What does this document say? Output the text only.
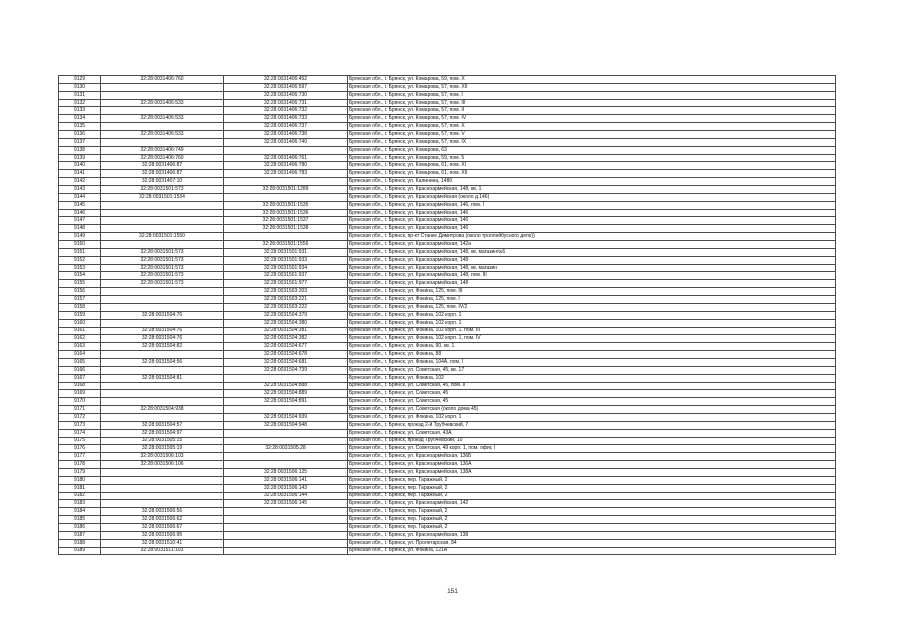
9129	32:28:0031406:760	32:28:0031406:452	Брянская обл., г. Брянск, ул. Комарова, 59, пом. X
9130		32:28:0031406:597	Брянская обл., г. Брянск, ул. Комарова, 57, пом. XII
9131		32:28:0031406:730	Брянская обл., г. Брянск, ул. Комарова, 57, пом. I
9132	32:28:0031406:533	32:28:0031406:731	Брянская обл., г. Брянск, ул. Комарова, 57, пом. III
9133		32:28:0031406:732	Брянская обл., г. Брянск, ул. Комарова, 57, пом. II
9134	32:28:0031406:533	32:28:0031406:733	Брянская обл., г. Брянск, ул. Комарова, 57, пом. IV
9135		32:28:0031406:737	Брянская обл., г. Брянск, ул. Комарова, 57, пом. X
9136	32:28:0031406:533	32:28:0031406:738	Брянская обл., г. Брянск, ул. Комарова, 57, пом. V
9137		32:28:0031406:740	Брянская обл., г. Брянск, ул. Комарова, 57, пом. IX
9138	32:28:0031406:749		Брянская обл., г. Брянск, ул. Комарова, 63
9139	32:28:0031406:760	32:28:0031406:761	Брянская обл., г. Брянск, ул. Комарова, 59, пом. 5
9140	32:28:0031406:87	32:28:0031406:780	Брянская обл., г. Брянск, ул. Комарова, 61, пом. XI
9141	32:28:0031406:87	32:28:0031406:783	Брянская обл., г. Брянск, ул. Комарова, 61, пом. XII
9142	32:28:0031407:10		Брянская обл., г. Брянск, ул. Калинина, 148б
9143	32:28:0031501:573	32:28:0031501:1289	Брянская обл., г. Брянск, ул. Красноармейская, 148, кв. 1
9144	32:28:0031501:1534		Брянская обл., г. Брянск, ул. Красноармейская (около д.146)
9145		32:28:0031501:1535	Брянская обл., г. Брянск, ул. Красноармейская, 146, пом. I
9146		32:28:0031501:1536	Брянская обл., г. Брянск, ул. Красноармейская, 146
9147		32:28:0031501:1537	Брянская обл., г. Брянск, ул. Красноармейская, 146
9148		32:28:0031501:1538	Брянская обл., г. Брянск, ул. Красноармейская, 146
9149	32:28:0031501:1550		Брянская обл., г. Брянск, пр-кт Станке Димитрова (около троллейбусного депо))
9150		32:28:0031501:1556	Брянская обл., г. Брянск, ул. Красноармейская, 142а
9151	32:28:0031501:573	32:28:0031501:931	Брянская обл., г. Брянск, ул. Красноармейская, 148, кв. магазин№6
9152	32:28:0031501:573	32:28:0031501:933	Брянская обл., г. Брянск, ул. Красноармейская, 148
9153	32:28:0031501:573	32:28:0031501:934	Брянская обл., г. Брянск, ул. Красноармейская, 148, кв. магазин
9154	32:28:0031501:573	32:28:0031501:937	Брянская обл., г. Брянск, ул. Красноармейская, 148, пом. III
9155	32:28:0031501:573	32:28:0031501:977	Брянская обл., г. Брянск, ул. Красноармейская, 148
9156		32:28:0031503:203	Брянская обл., г. Брянск, ул. Фокина, 125, пом. III
9157		32:28:0031503:221	Брянская обл., г. Брянск, ул. Фокина, 125, пом. I
9158		32:28:0031503:222	Брянская обл., г. Брянск, ул. Фокина, 125, пом. IV/2
9159	32:28:0031504:76	32:28:0031504:379	Брянская обл., г. Брянск, ул. Фокина, 102 корп. 1
9160		32:28:0031504:380	Брянская обл., г. Брянск, ул. Фокина, 102 корп. 1
9161	32:28:0031504:76	32:28:0031504:381	Брянская обл., г. Брянск, ул. Фокина, 102 корп. 1, пом. III
9162	32:28:0031504:76	32:28:0031504:382	Брянская обл., г. Брянск, ул. Фокина, 102 корп. 1, пом. IV
9163	32:28:0031504:82	32:28:0031504:677	Брянская обл., г. Брянск, ул. Фокина, 90, кв. 1
9164		32:28:0031504:678	Брянская обл., г. Брянск, ул. Фокина, 88
9165	32:28:0031504:56	32:28:0031504:681	Брянская обл., г. Брянск, ул. Фокина, 104А, пом. I
9166		32:28:0031504:739	Брянская обл., г. Брянск, ул. Советская, 45, кв. 17
9167	32:28:0031504:81		Брянская обл., г. Брянск, ул. Фокина, 102
9168		32:28:0031504:888	Брянская обл., г. Брянск, ул. Советская, 45, пом. II
9169		32:28:0031504:889	Брянская обл., г. Брянск, ул. Советская, 45
9170		32:28:0031504:891	Брянская обл., г. Брянск, ул. Советская, 45
9171	32:28:0031504:938		Брянская обл., г. Брянск, ул. Советская (около дома 45)
9172		32:28:0031504:939	Брянская обл., г. Брянск, ул. Фокина, 102 корп. 1
9173	32:28:0031504:57	32:28:0031504:948	Брянская обл., г. Брянск, проезд 2-й Трубчевский, 7
9174	32:28:0031504:97		Брянская обл., г. Брянск, ул. Советская, 43А
9175	32:28:0031505:15		Брянская обл., г. Брянск, проезд Трубчевский, 10
9176	32:28:0031505:19	32:28:0031505:28	Брянская обл., г. Брянск, ул. Советская, 49 корп. 1, пом. офис I
9177	32:28:0031506:103		Брянская обл., г. Брянск, ул. Красноармейская, 136Б
9178	32:28:0031506:106		Брянская обл., г. Брянск, ул. Красноармейская, 136А
9179		32:28:0031506:125	Брянская обл., г. Брянск, ул. Красноармейская, 138А
9180		32:28:0031506:141	Брянская обл., г. Брянск, пер. Гаражный, 2
9181		32:28:0031506:143	Брянская обл., г. Брянск, пер. Гаражный, 2
9182		32:28:0031506:144	Брянская обл., г. Брянск, пер. Гаражный, 2
9183		32:28:0031506:145	Брянская обл., г. Брянск, ул. Красноармейская, 142
9184	32:28:0031506:56		Брянская обл., г. Брянск, пер. Гаражный, 2
9185	32:28:0031506:62		Брянская обл., г. Брянск, пер. Гаражный, 2
9186	32:28:0031506:67		Брянская обл., г. Брянск, пер. Гаражный, 2
9187	32:28:0031506:95		Брянская обл., г. Брянск, ул. Красноармейская, 138
9188	32:28:0031510:41		Брянская обл., г. Брянск, ул. Пролетарская, 84
9189	32:28:0031511:103		Брянская обл., г. Брянск, ул. Фокина, 121А
151
